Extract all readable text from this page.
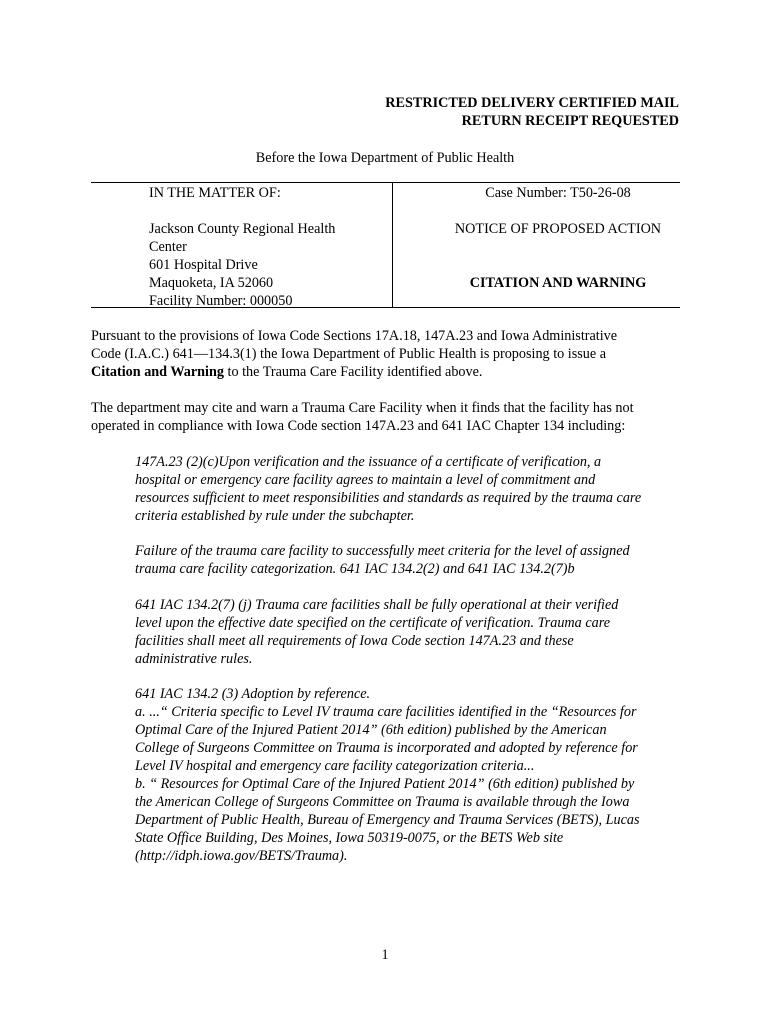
RESTRICTED DELIVERY CERTIFIED MAIL
RETURN RECEIPT REQUESTED
Before the Iowa Department of Public Health
IN THE MATTER OF:
Jackson County Regional Health
Center
601 Hospital Drive
Maquoketa, IA 52060
Facility Number: 000050
Case Number: T50-26-08
NOTICE OF PROPOSED ACTION
CITATION AND WARNING
Pursuant to the provisions of Iowa Code Sections 17A.18, 147A.23 and Iowa Administrative
Code (I.A.C.) 641—134.3(1) the Iowa Department of Public Health is proposing to issue a
Citation and Warning to the Trauma Care Facility identified above.
The department may cite and warn a Trauma Care Facility when it finds that the facility has not
operated in compliance with Iowa Code section 147A.23 and 641 IAC Chapter 134 including:
147A.23 (2)(c)Upon verification and the issuance of a certificate of verification, a
hospital or emergency care facility agrees to maintain a level of commitment and
resources sufficient to meet responsibilities and standards as required by the trauma care
criteria established by rule under the subchapter.
Failure of the trauma care facility to successfully meet criteria for the level of assigned
trauma care facility categorization. 641 IAC 134.2(2) and 641 IAC 134.2(7)b
641 IAC 134.2(7) (j) Trauma care facilities shall be fully operational at their verified
level upon the effective date specified on the certificate of verification. Trauma care
facilities shall meet all requirements of Iowa Code section 147A.23 and these
administrative rules.
641 IAC 134.2 (3) Adoption by reference.
a. ...“ Criteria specific to Level IV trauma care facilities identified in the “Resources for
Optimal Care of the Injured Patient 2014” (6th edition) published by the American
College of Surgeons Committee on Trauma is incorporated and adopted by reference for
Level IV hospital and emergency care facility categorization criteria...
b. “ Resources for Optimal Care of the Injured Patient 2014” (6th edition) published by
the American College of Surgeons Committee on Trauma is available through the Iowa
Department of Public Health, Bureau of Emergency and Trauma Services (BETS), Lucas
State Office Building, Des Moines, Iowa 50319-0075, or the BETS Web site
(http://idph.iowa.gov/BETS/Trauma).
1
